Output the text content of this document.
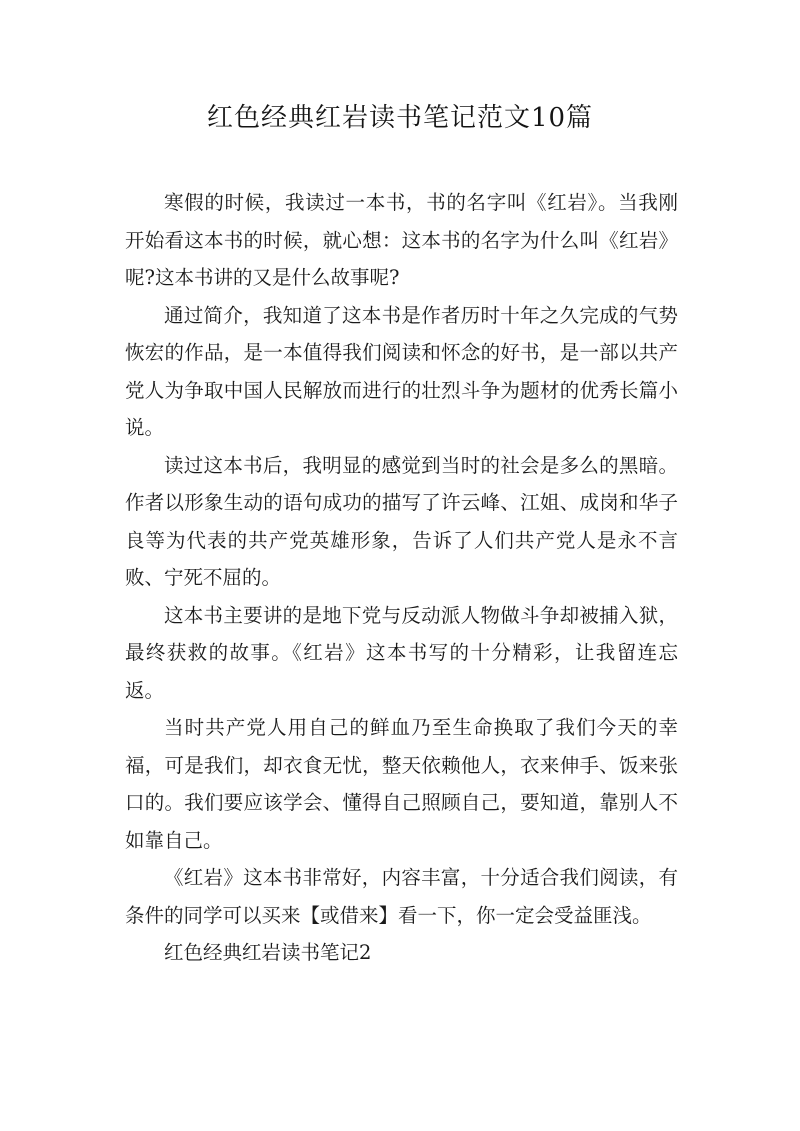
红色经典红岩读书笔记范文10篇

寒假的时候，我读过一本书，书的名字叫《红岩》。当我刚开始看这本书的时候，就心想：这本书的名字为什么叫《红岩》呢?这本书讲的又是什么故事呢?

通过简介，我知道了这本书是作者历时十年之久完成的气势恢宏的作品，是一本值得我们阅读和怀念的好书，是一部以共产党人为争取中国人民解放而进行的壮烈斗争为题材的优秀长篇小说。

读过这本书后，我明显的感觉到当时的社会是多么的黑暗。作者以形象生动的语句成功的描写了许云峰、江姐、成岗和华子良等为代表的共产党英雄形象，告诉了人们共产党人是永不言败、宁死不屈的。

这本书主要讲的是地下党与反动派人物做斗争却被捕入狱，最终获救的故事。《红岩》这本书写的十分精彩，让我留连忘返。

当时共产党人用自己的鲜血乃至生命换取了我们今天的幸福，可是我们，却衣食无忧，整天依赖他人，衣来伸手、饭来张口的。我们要应该学会、懂得自己照顾自己，要知道，靠别人不如靠自己。

《红岩》这本书非常好，内容丰富，十分适合我们阅读，有条件的同学可以买来【或借来】看一下，你一定会受益匪浅。

红色经典红岩读书笔记2
